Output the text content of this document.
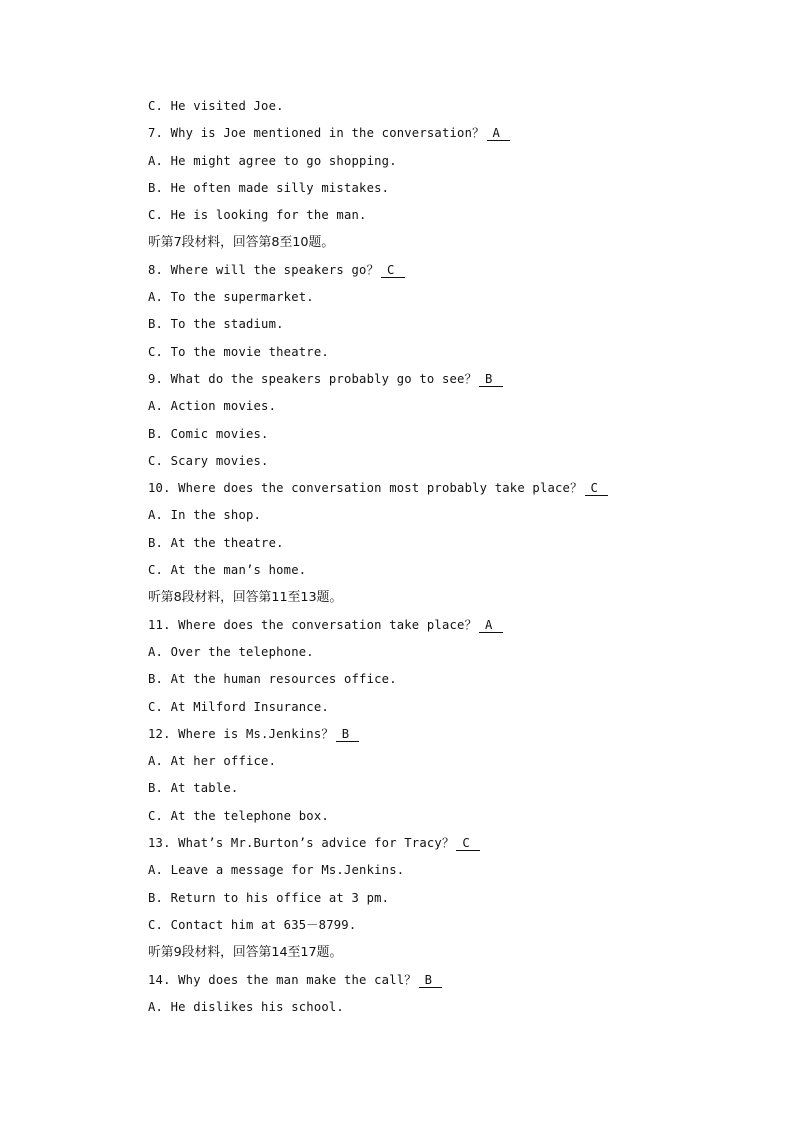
C. He visited Joe.
7. Why is Joe mentioned in the conversation？ A
A. He might agree to go shopping.
B. He often made silly mistakes.
C. He is looking for the man.
听第7段材料，回答第8至10题。
8. Where will the speakers go？ C
A. To the supermarket.
B. To the stadium.
C. To the movie theatre.
9. What do the speakers probably go to see？ B
A. Action movies.
B. Comic movies.
C. Scary movies.
10. Where does the conversation most probably take place？ C
A. In the shop.
B. At the theatre.
C. At the man’s home.
听第8段材料，回答第11至13题。
11. Where does the conversation take place？ A
A. Over the telephone.
B. At the human resources office.
C. At Milford Insurance.
12. Where is Ms.Jenkins？ B
A. At her office.
B. At table.
C. At the telephone box.
13. What’s Mr.Burton’s advice for Tracy？ C
A. Leave a message for Ms.Jenkins.
B. Return to his office at 3 pm.
C. Contact him at 635－8799.
听第9段材料，回答第14至17题。
14. Why does the man make the call？ B
A. He dislikes his school.
